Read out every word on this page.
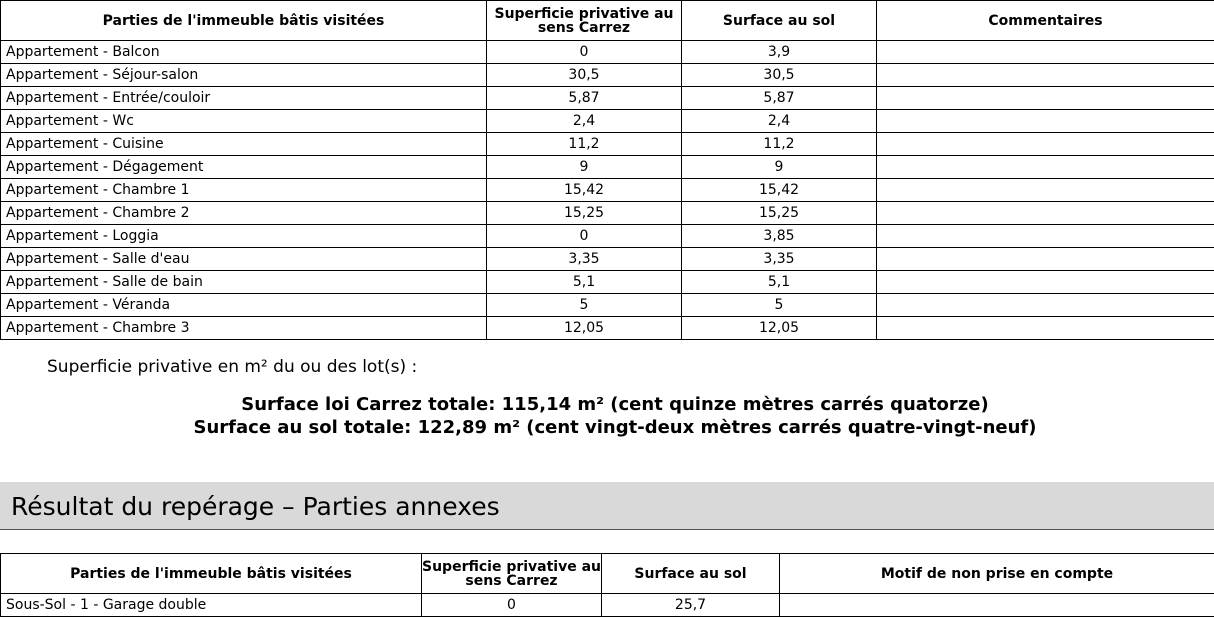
Parties de l'immeuble bâtis visitées	Superficie privative au sens Carrez	Surface au sol	Commentaires
Appartement - Balcon	0	3,9	
Appartement - Séjour-salon	30,5	30,5	
Appartement - Entrée/couloir	5,87	5,87	
Appartement - Wc	2,4	2,4	
Appartement - Cuisine	11,2	11,2	
Appartement - Dégagement	9	9	
Appartement - Chambre 1	15,42	15,42	
Appartement - Chambre 2	15,25	15,25	
Appartement - Loggia	0	3,85	
Appartement - Salle d'eau	3,35	3,35	
Appartement - Salle de bain	5,1	5,1	
Appartement - Véranda	5	5	
Appartement - Chambre 3	12,05	12,05	
Superficie privative en m² du ou des lot(s) :
Surface loi Carrez totale: 115,14 m² (cent quinze mètres carrés quatorze)
Surface au sol totale: 122,89 m² (cent vingt-deux mètres carrés quatre-vingt-neuf)
Résultat du repérage – Parties annexes
Parties de l'immeuble bâtis visitées	Superficie privative au sens Carrez	Surface au sol	Motif de non prise en compte
Sous-Sol - 1 - Garage double	0	25,7	
